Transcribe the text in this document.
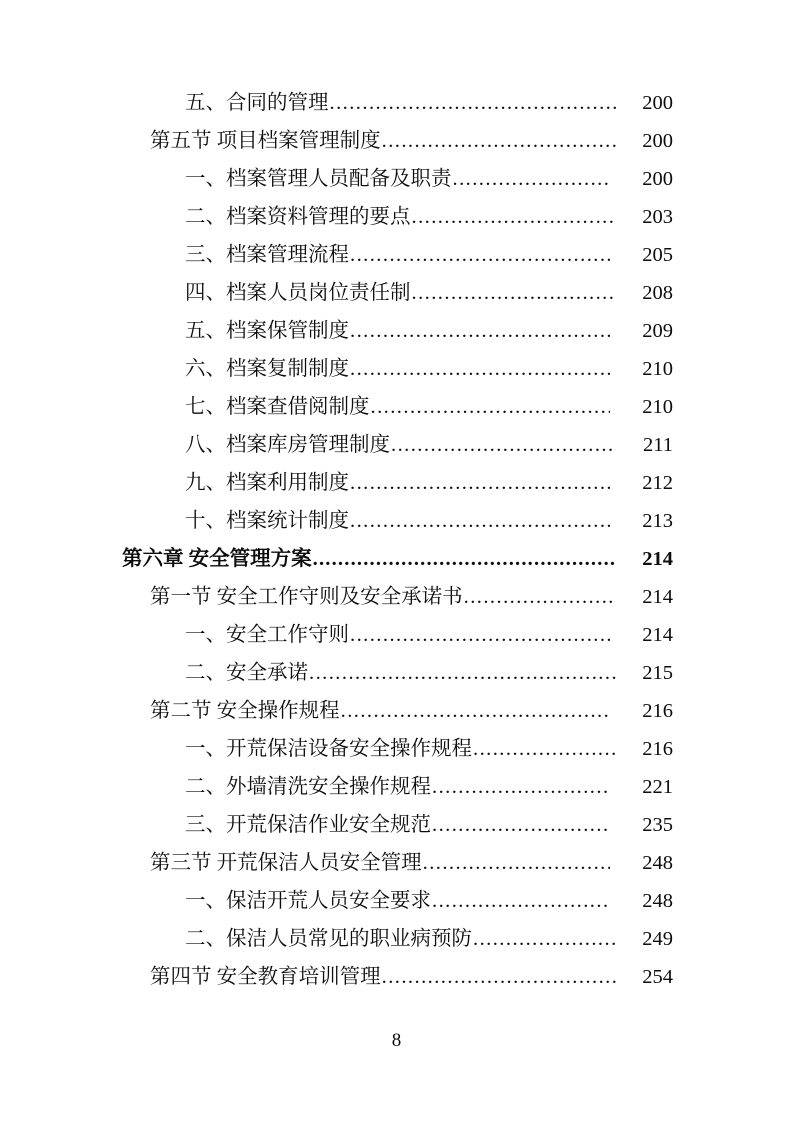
五、合同的管理 .....	200
第五节 项目档案管理制度 .....	200
一、档案管理人员配备及职责 .....	200
二、档案资料管理的要点 .....	203
三、档案管理流程 .....	205
四、档案人员岗位责任制 .....	208
五、档案保管制度 .....	209
六、档案复制制度 .....	210
七、档案查借阅制度 .....	210
八、档案库房管理制度 .....	211
九、档案利用制度 .....	212
十、档案统计制度 .....	213
第六章 安全管理方案 .....	214
第一节 安全工作守则及安全承诺书 .....	214
一、安全工作守则 .....	214
二、安全承诺 .....	215
第二节 安全操作规程 .....	216
一、开荒保洁设备安全操作规程 .....	216
二、外墙清洗安全操作规程 .....	221
三、开荒保洁作业安全规范 .....	235
第三节 开荒保洁人员安全管理 .....	248
一、保洁开荒人员安全要求 .....	248
二、保洁人员常见的职业病预防 .....	249
第四节 安全教育培训管理 .....	254
8
